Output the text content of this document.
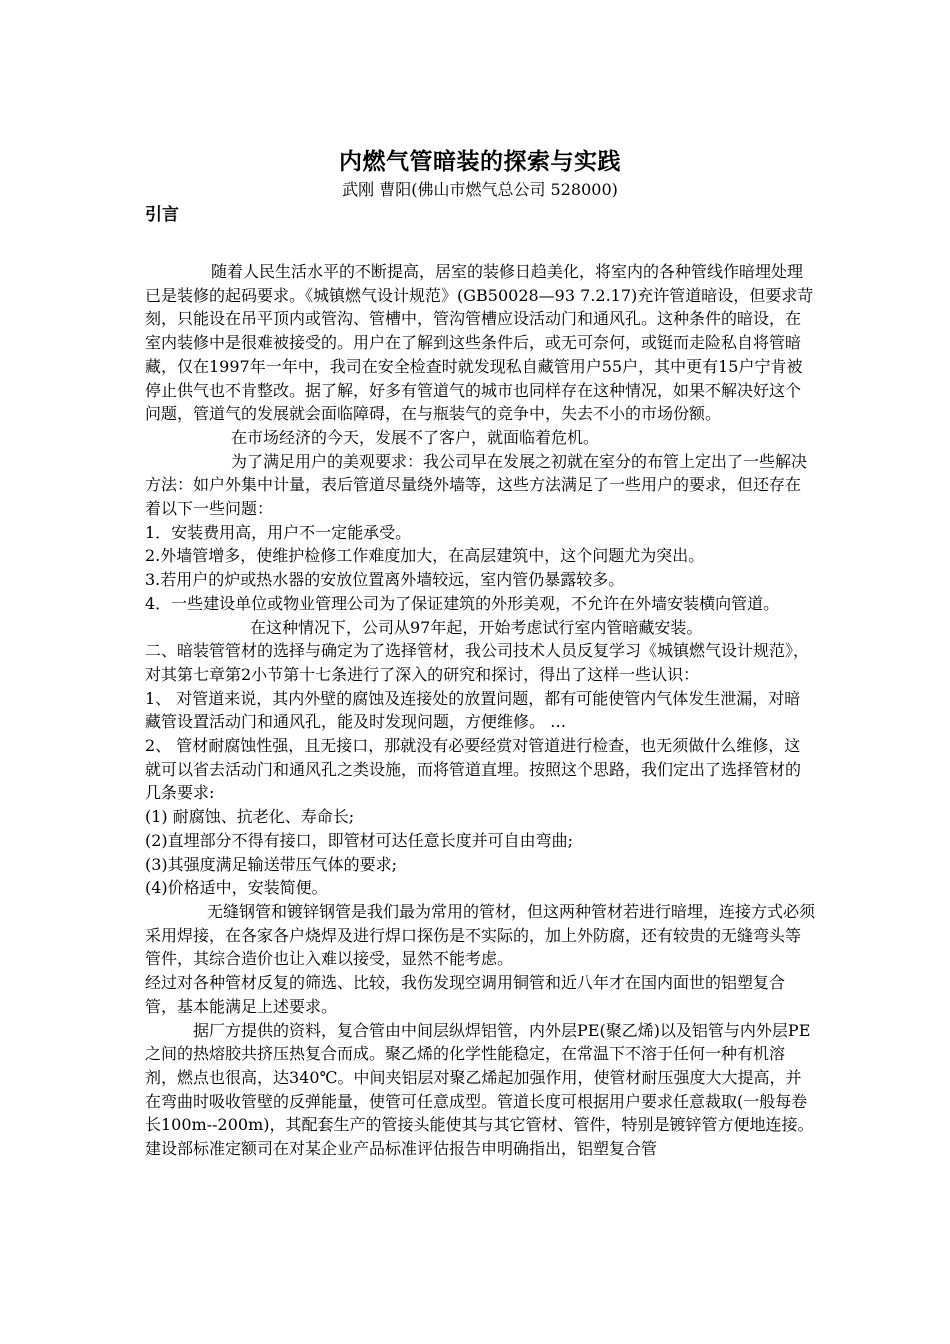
内燃气管暗装的探索与实践
武刚 曹阳(佛山市燃气总公司 528000)
引言

随着人民生活水平的不断提高，居室的装修日趋美化，将室内的各种管线作暗埋处理已是装修的起码要求。《城镇燃气设计规范》(GB50028—93 7.2.17)充许管道暗设，但要求苛刻，只能设在吊平顶内或管沟、管槽中，管沟管槽应设活动门和通风孔。这种条件的暗设，在室内装修中是很难被接受的。用户在了解到这些条件后，或无可奈何，或铤而走险私自将管暗藏，仅在1997年一年中，我司在安全检查时就发现私自藏管用户55户，其中更有15户宁肯被停止供气也不肯整改。据了解，好多有管道气的城市也同样存在这种情况，如果不解决好这个问题，管道气的发展就会面临障碍，在与瓶装气的竞争中，失去不小的市场份额。

在市场经济的今天，发展不了客户，就面临着危机。

为了满足用户的美观要求：我公司早在发展之初就在室分的布管上定出了一些解决方法：如户外集中计量，表后管道尽量绕外墙等，这些方法满足了一些用户的要求，但还存在着以下一些问题：

1．安装费用高，用户不一定能承受。

2.外墙管增多，使维护检修工作难度加大，在高层建筑中，这个问题尤为突出。

3.若用户的炉或热水器的安放位置离外墙较远，室内管仍暴露较多。

4．一些建设单位或物业管理公司为了保证建筑的外形美观，不允许在外墙安装横向管道。

在这种情况下，公司从97年起，开始考虑试行室内管暗藏安装。

二、暗装管管材的选择与确定为了选择管材，我公司技术人员反复学习《城镇燃气设计规范》，对其第七章第2小节第十七条进行了深入的研究和探讨，得出了这样一些认识：

1、 对管道来说，其内外壁的腐蚀及连接处的放置问题，都有可能使管内气体发生泄漏，对暗藏管设置活动门和通风孔，能及时发现问题，方便维修。 …

2、 管材耐腐蚀性强，且无接口，那就没有必要经赏对管道进行检查，也无须做什么维修，这就可以省去活动门和通风孔之类设施，而将管道直埋。按照这个思路，我们定出了选择管材的几条要求:

(1) 耐腐蚀、抗老化、寿命长;

(2)直埋部分不得有接口，即管材可达任意长度并可自由弯曲;

(3)其强度满足输送带压气体的要求;

(4)价格适中，安装简便。

无缝钢管和镀锌钢管是我们最为常用的管材，但这两种管材若进行暗埋，连接方式必须采用焊接，在各家各户烧焊及进行焊口探伤是不实际的，加上外防腐，还有较贵的无缝弯头等管件，其综合造价也让入难以接受，显然不能考虑。

经过对各种管材反复的筛选、比较，我伤发现空调用铜管和近八年才在国内面世的铝塑复合管，基本能满足上述要求。

据厂方提供的资料，复合管由中间层纵焊铝管，内外层PE(聚乙烯)以及铝管与内外层PE之间的热熔胶共挤压热复合而成。聚乙烯的化学性能稳定，在常温下不溶于任何一种有机溶剂，燃点也很高，达340℃。中间夹铝层对聚乙烯起加强作用，使管材耐压强度大大提高，并在弯曲时吸收管壁的反弹能量，使管可任意成型。管道长度可根据用户要求任意裁取(一般每卷长100m--200m)，其配套生产的管接头能使其与其它管材、管件，特别是镀锌管方便地连接。建设部标准定额司在对某企业产品标准评估报告申明确指出，铝塑复合管
